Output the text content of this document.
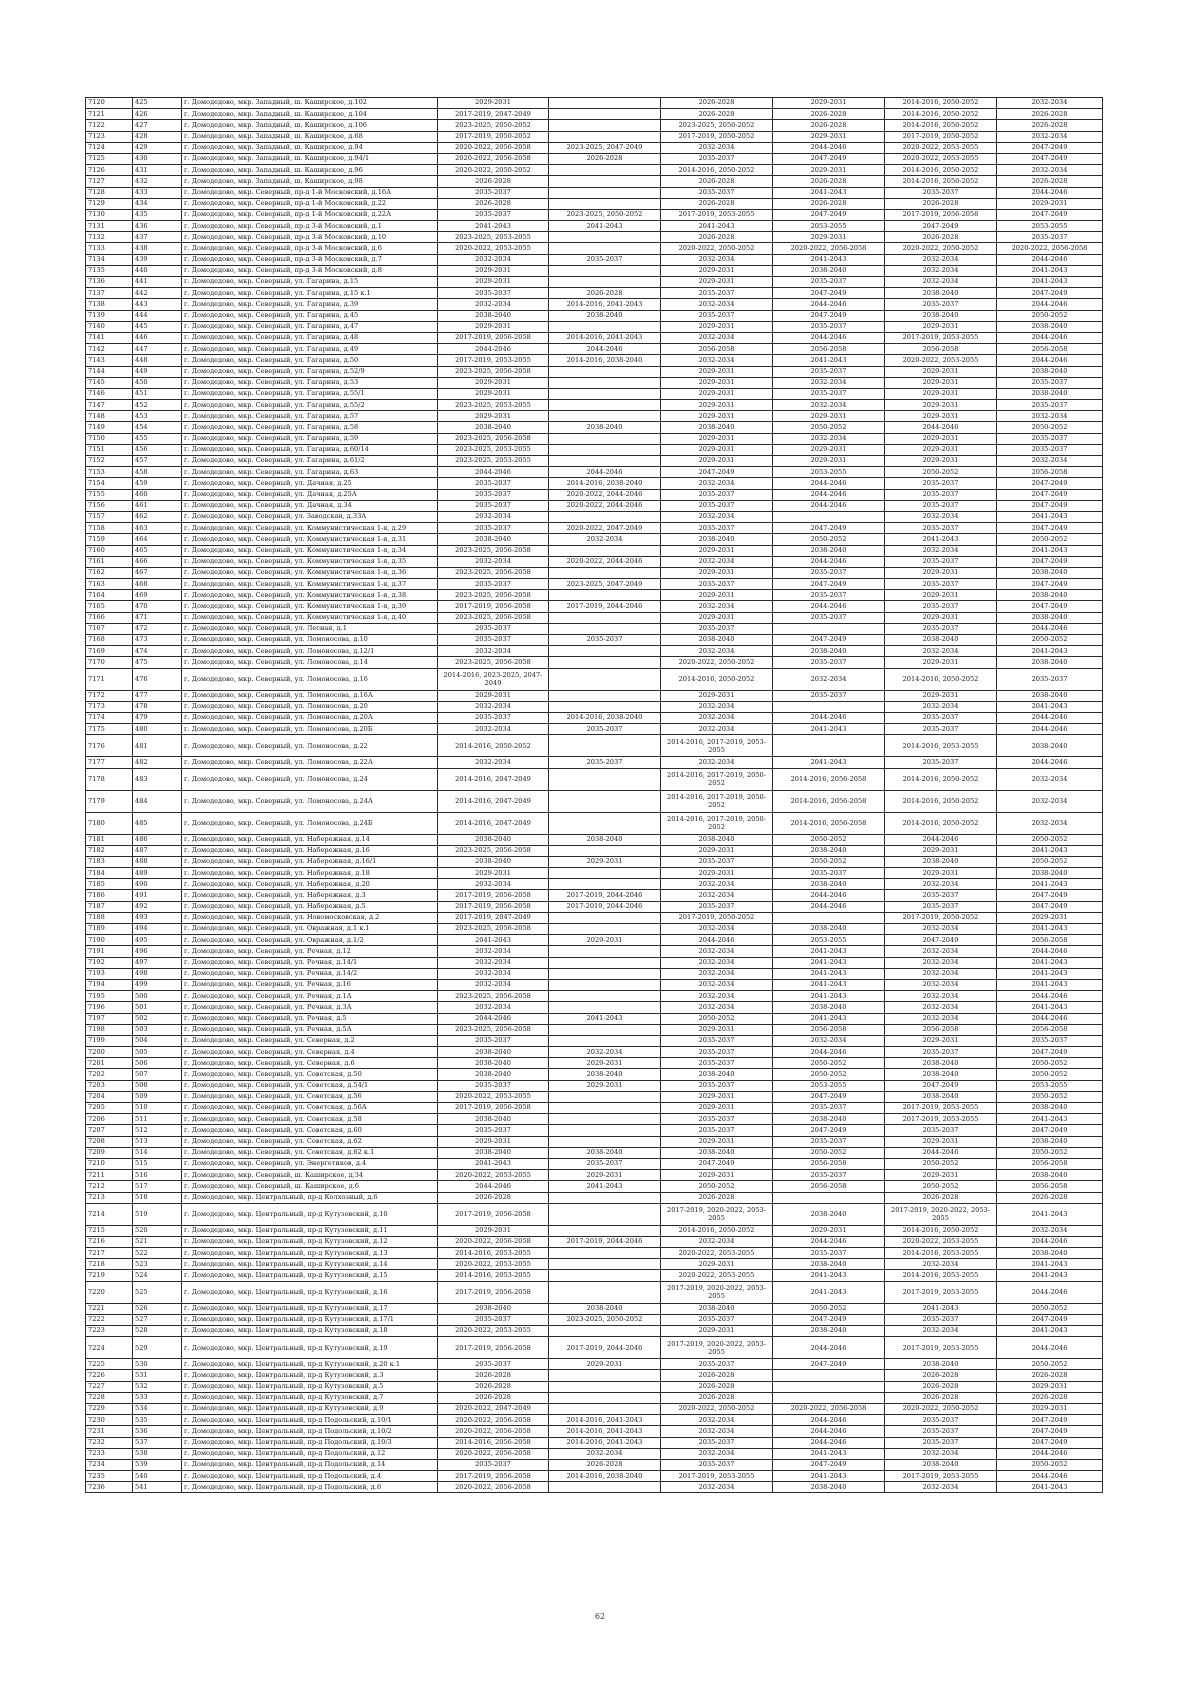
7120	425	г. Домодедово, мкр. Западный, ш. Каширское, д.102	2029-2031		2026-2028	2029-2031	2014-2016, 2050-2052	2032-2034
7121	426	г. Домодедово, мкр. Западный, ш. Каширское, д.104	2017-2019, 2047-2049		2026-2028	2026-2028	2014-2016, 2050-2052	2026-2028
7122	427	г. Домодедово, мкр. Западный, ш. Каширское, д.106	2023-2025, 2050-2052		2023-2025, 2050-2052	2026-2028	2014-2016, 2050-2052	2026-2028
7123	428	г. Домодедово, мкр. Западный, ш. Каширское, д.68	2017-2019, 2050-2052		2017-2019, 2050-2052	2029-2031	2017-2019, 2050-2052	2032-2034
7124	429	г. Домодедово, мкр. Западный, ш. Каширское, д.94	2020-2022, 2056-2058	2023-2025, 2047-2049	2032-2034	2044-2046	2020-2022, 2053-2055	2047-2049
7125	430	г. Домодедово, мкр. Западный, ш. Каширское, д.94/1	2020-2022, 2056-2058	2026-2028	2035-2037	2047-2049	2020-2022, 2053-2055	2047-2049
7126	431	г. Домодедово, мкр. Западный, ш. Каширское, д.96	2020-2022, 2050-2052		2014-2016, 2050-2052	2029-2031	2014-2016, 2050-2052	2032-2034
7127	432	г. Домодедово, мкр. Западный, ш. Каширское, д.98	2026-2028		2026-2028	2026-2028	2014-2016, 2050-2052	2026-2028
7128	433	г. Домодедово, мкр. Северный, пр-д 1-й Московский, д.16А	2035-2037		2035-2037	2041-2043	2035-2037	2044-2046
7129	434	г. Домодедово, мкр. Северный, пр-д 1-й Московский, д.22	2026-2028		2026-2028	2026-2028	2026-2028	2029-2031
7130	435	г. Домодедово, мкр. Северный, пр-д 1-й Московский, д.22А	2035-2037	2023-2025, 2050-2052	2017-2019, 2053-2055	2047-2049	2017-2019, 2056-2058	2047-2049
7131	436	г. Домодедово, мкр. Северный, пр-д 3-й Московский, д.1	2041-2043	2041-2043	2041-2043	2053-2055	2047-2049	2053-2055
7132	437	г. Домодедово, мкр. Северный, пр-д 3-й Московский, д.10	2023-2025, 2053-2055		2026-2028	2029-2031	2026-2028	2035-2037
7133	438	г. Домодедово, мкр. Северный, пр-д 3-й Московский, д.6	2020-2022, 2053-2055		2020-2022, 2050-2052	2020-2022, 2056-2058	2020-2022, 2050-2052	2020-2022, 2056-2058
7134	439	г. Домодедово, мкр. Северный, пр-д 3-й Московский, д.7	2032-2034	2035-2037	2032-2034	2041-2043	2032-2034	2044-2046
7135	440	г. Домодедово, мкр. Северный, пр-д 3-й Московский, д.8	2029-2031		2029-2031	2038-2040	2032-2034	2041-2043
7136	441	г. Домодедово, мкр. Северный, ул. Гагарина, д.15	2029-2031		2029-2031	2035-2037	2032-2034	2041-2043
7137	442	г. Домодедово, мкр. Северный, ул. Гагарина, д.15 к.1	2035-2037	2026-2028	2035-2037	2047-2049	2038-2040	2047-2049
7138	443	г. Домодедово, мкр. Северный, ул. Гагарина, д.39	2032-2034	2014-2016, 2041-2043	2032-2034	2044-2046	2035-2037	2044-2046
7139	444	г. Домодедово, мкр. Северный, ул. Гагарина, д.45	2038-2040	2038-2040	2035-2037	2047-2049	2038-2040	2050-2052
7140	445	г. Домодедово, мкр. Северный, ул. Гагарина, д.47	2029-2031		2029-2031	2035-2037	2029-2031	2038-2040
7141	446	г. Домодедово, мкр. Северный, ул. Гагарина, д.48	2017-2019, 2056-2058	2014-2016, 2041-2043	2032-2034	2044-2046	2017-2019, 2053-2055	2044-2046
7142	447	г. Домодедово, мкр. Северный, ул. Гагарина, д.49	2044-2046	2044-2046	2056-2058	2056-2058	2056-2058	2056-2058
7143	448	г. Домодедово, мкр. Северный, ул. Гагарина, д.50	2017-2019, 2053-2055	2014-2016, 2038-2040	2032-2034	2041-2043	2020-2022, 2053-2055	2044-2046
7144	449	г. Домодедово, мкр. Северный, ул. Гагарина, д.52/9	2023-2025, 2056-2058		2029-2031	2035-2037	2029-2031	2038-2040
7145	450	г. Домодедово, мкр. Северный, ул. Гагарина, д.53	2029-2031		2029-2031	2032-2034	2029-2031	2035-2037
7146	451	г. Домодедово, мкр. Северный, ул. Гагарина, д.55/1	2029-2031		2029-2031	2035-2037	2029-2031	2038-2040
7147	452	г. Домодедово, мкр. Северный, ул. Гагарина, д.55/2	2023-2025, 2053-2055		2029-2031	2032-2034	2029-2031	2035-2037
7148	453	г. Домодедово, мкр. Северный, ул. Гагарина, д.57	2029-2031		2029-2031	2029-2031	2029-2031	2032-2034
7149	454	г. Домодедово, мкр. Северный, ул. Гагарина, д.58	2038-2040	2038-2040	2038-2040	2050-2052	2044-2046	2050-2052
7150	455	г. Домодедово, мкр. Северный, ул. Гагарина, д.59	2023-2025, 2056-2058		2029-2031	2032-2034	2029-2031	2035-2037
7151	456	г. Домодедово, мкр. Северный, ул. Гагарина, д.60/14	2023-2025, 2053-2055		2029-2031	2029-2031	2029-2031	2035-2037
7152	457	г. Домодедово, мкр. Северный, ул. Гагарина, д.61/2	2023-2025, 2053-2055		2029-2031	2029-2031	2029-2031	2032-2034
7153	458	г. Домодедово, мкр. Северный, ул. Гагарина, д.63	2044-2046	2044-2046	2047-2049	2053-2055	2050-2052	2056-2058
7154	459	г. Домодедово, мкр. Северный, ул. Дачная, д.25	2035-2037	2014-2016, 2038-2040	2032-2034	2044-2046	2035-2037	2047-2049
7155	460	г. Домодедово, мкр. Северный, ул. Дачная, д.25А	2035-2037	2020-2022, 2044-2046	2035-2037	2044-2046	2035-2037	2047-2049
7156	461	г. Домодедово, мкр. Северный, ул. Дачная, д.34	2035-2037	2020-2022, 2044-2046	2035-2037	2044-2046	2035-2037	2047-2049
7157	462	г. Домодедово, мкр. Северный, ул. Заводская, д.33А	2032-2034		2032-2034		2032-2034	2041-2043
7158	463	г. Домодедово, мкр. Северный, ул. Коммунистическая 1-я, д.29	2035-2037	2020-2022, 2047-2049	2035-2037	2047-2049	2035-2037	2047-2049
7159	464	г. Домодедово, мкр. Северный, ул. Коммунистическая 1-я, д.31	2038-2040	2032-2034	2038-2040	2050-2052	2041-2043	2050-2052
7160	465	г. Домодедово, мкр. Северный, ул. Коммунистическая 1-я, д.34	2023-2025, 2056-2058		2029-2031	2038-2040	2032-2034	2041-2043
7161	466	г. Домодедово, мкр. Северный, ул. Коммунистическая 1-я, д.35	2032-2034	2020-2022, 2044-2046	2032-2034	2044-2046	2035-2037	2047-2049
7162	467	г. Домодедово, мкр. Северный, ул. Коммунистическая 1-я, д.36	2023-2025, 2056-2058		2029-2031	2035-2037	2029-2031	2038-2040
7163	468	г. Домодедово, мкр. Северный, ул. Коммунистическая 1-я, д.37	2035-2037	2023-2025, 2047-2049	2035-2037	2047-2049	2035-2037	2047-2049
7164	469	г. Домодедово, мкр. Северный, ул. Коммунистическая 1-я, д.38	2023-2025, 2056-2058		2029-2031	2035-2037	2029-2031	2038-2040
7165	470	г. Домодедово, мкр. Северный, ул. Коммунистическая 1-я, д.39	2017-2019, 2056-2058	2017-2019, 2044-2046	2032-2034	2044-2046	2035-2037	2047-2049
7166	471	г. Домодедово, мкр. Северный, ул. Коммунистическая 1-я, д.40	2023-2025, 2056-2058		2029-2031	2035-2037	2029-2031	2038-2040
7167	472	г. Домодедово, мкр. Северный, ул. Лесная, д.1	2035-2037		2035-2037		2035-2037	2044-2046
7168	473	г. Домодедово, мкр. Северный, ул. Ломоносова, д.10	2035-2037	2035-2037	2038-2040	2047-2049	2038-2040	2050-2052
7169	474	г. Домодедово, мкр. Северный, ул. Ломоносова, д.12/1	2032-2034		2032-2034	2038-2040	2032-2034	2041-2043
7170	475	г. Домодедово, мкр. Северный, ул. Ломоносова, д.14	2023-2025, 2056-2058		2020-2022, 2050-2052	2035-2037	2029-2031	2038-2040
7171	476	г. Домодедово, мкр. Северный, ул. Ломоносова, д.16	2014-2016, 2023-2025, 2047-2049		2014-2016, 2050-2052	2032-2034	2014-2016, 2050-2052	2035-2037
7172	477	г. Домодедово, мкр. Северный, ул. Ломоносова, д.16А	2029-2031		2029-2031	2035-2037	2029-2031	2038-2040
7173	478	г. Домодедово, мкр. Северный, ул. Ломоносова, д.20	2032-2034		2032-2034		2032-2034	2041-2043
7174	479	г. Домодедово, мкр. Северный, ул. Ломоносова, д.20А	2035-2037	2014-2016, 2038-2040	2032-2034	2044-2046	2035-2037	2044-2046
7175	480	г. Домодедово, мкр. Северный, ул. Ломоносова, д.20Б	2032-2034	2035-2037	2032-2034	2041-2043	2035-2037	2044-2046
7176	481	г. Домодедово, мкр. Северный, ул. Ломоносова, д.22	2014-2016, 2050-2052		2014-2016, 2017-2019, 2053-2055		2014-2016, 2053-2055	2038-2040
7177	482	г. Домодедово, мкр. Северный, ул. Ломоносова, д.22А	2032-2034	2035-2037	2032-2034	2041-2043	2035-2037	2044-2046
7178	483	г. Домодедово, мкр. Северный, ул. Ломоносова, д.24	2014-2016, 2047-2049		2014-2016, 2017-2019, 2050-2052	2014-2016, 2056-2058	2014-2016, 2050-2052	2032-2034
7179	484	г. Домодедово, мкр. Северный, ул. Ломоносова, д.24А	2014-2016, 2047-2049		2014-2016, 2017-2019, 2050-2052	2014-2016, 2056-2058	2014-2016, 2050-2052	2032-2034
7180	485	г. Домодедово, мкр. Северный, ул. Ломоносова, д.24Б	2014-2016, 2047-2049		2014-2016, 2017-2019, 2050-2052	2014-2016, 2056-2058	2014-2016, 2050-2052	2032-2034
7181	486	г. Домодедово, мкр. Северный, ул. Набережная, д.14	2038-2040	2038-2040	2038-2040	2050-2052	2044-2046	2050-2052
7182	487	г. Домодедово, мкр. Северный, ул. Набережная, д.16	2023-2025, 2056-2058		2029-2031	2038-2040	2029-2031	2041-2043
7183	488	г. Домодедово, мкр. Северный, ул. Набережная, д.16/1	2038-2040	2029-2031	2035-2037	2050-2052	2038-2040	2050-2052
7184	489	г. Домодедово, мкр. Северный, ул. Набережная, д.18	2029-2031		2029-2031	2035-2037	2029-2031	2038-2040
7185	490	г. Домодедово, мкр. Северный, ул. Набережная, д.20	2032-2034		2032-2034	2038-2040	2032-2034	2041-2043
7186	491	г. Домодедово, мкр. Северный, ул. Набережная, д.3	2017-2019, 2056-2058	2017-2019, 2044-2046	2032-2034	2044-2046	2035-2037	2047-2049
7187	492	г. Домодедово, мкр. Северный, ул. Набережная, д.5	2017-2019, 2056-2058	2017-2019, 2044-2046	2035-2037	2044-2046	2035-2037	2047-2049
7188	493	г. Домодедово, мкр. Северный, ул. Новомосковская, д.2	2017-2019, 2047-2049		2017-2019, 2050-2052		2017-2019, 2050-2052	2029-2031
7189	494	г. Домодедово, мкр. Северный, ул. Овражная, д.1 к.1	2023-2025, 2056-2058		2032-2034	2038-2040	2032-2034	2041-2043
7190	495	г. Домодедово, мкр. Северный, ул. Овражная, д.1/2	2041-2043	2029-2031	2044-2046	2053-2055	2047-2049	2056-2058
7191	496	г. Домодедово, мкр. Северный, ул. Речная, д.12	2032-2034		2032-2034	2041-2043	2032-2034	2044-2046
7192	497	г. Домодедово, мкр. Северный, ул. Речная, д.14/1	2032-2034		2032-2034	2041-2043	2032-2034	2041-2043
7193	498	г. Домодедово, мкр. Северный, ул. Речная, д.14/2	2032-2034		2032-2034	2041-2043	2032-2034	2041-2043
7194	499	г. Домодедово, мкр. Северный, ул. Речная, д.16	2032-2034		2032-2034	2041-2043	2032-2034	2041-2043
7195	500	г. Домодедово, мкр. Северный, ул. Речная, д.1А	2023-2025, 2056-2058		2032-2034	2041-2043	2032-2034	2044-2046
7196	501	г. Домодедово, мкр. Северный, ул. Речная, д.3А	2032-2034		2032-2034	2038-2040	2032-2034	2041-2043
7197	502	г. Домодедово, мкр. Северный, ул. Речная, д.5	2044-2046	2041-2043	2050-2052	2041-2043	2032-2034	2044-2046
7198	503	г. Домодедово, мкр. Северный, ул. Речная, д.5А	2023-2025, 2056-2058		2029-2031	2056-2058	2056-2058	2056-2058
7199	504	г. Домодедово, мкр. Северный, ул. Северная, д.2	2035-2037		2035-2037	2032-2034	2029-2031	2035-2037
7200	505	г. Домодедово, мкр. Северный, ул. Северная, д.4	2038-2040	2032-2034	2035-2037	2044-2046	2035-2037	2047-2049
7201	506	г. Домодедово, мкр. Северный, ул. Северная, д.6	2038-2040	2029-2031	2035-2037	2050-2052	2038-2040	2050-2052
7202	507	г. Домодедово, мкр. Северный, ул. Советская, д.50	2038-2040	2038-2040	2038-2040	2050-2052	2038-2040	2050-2052
7203	508	г. Домодедово, мкр. Северный, ул. Советская, д.54/1	2035-2037	2029-2031	2035-2037	2053-2055	2047-2049	2053-2055
7204	509	г. Домодедово, мкр. Северный, ул. Советская, д.56	2020-2022, 2053-2055		2029-2031	2047-2049	2038-2040	2050-2052
7205	510	г. Домодедово, мкр. Северный, ул. Советская, д.56А	2017-2019, 2056-2058		2029-2031	2035-2037	2017-2019, 2053-2055	2038-2040
7206	511	г. Домодедово, мкр. Северный, ул. Советская, д.58	2038-2040		2035-2037	2038-2040	2017-2019, 2053-2055	2041-2043
7207	512	г. Домодедово, мкр. Северный, ул. Советская, д.60	2035-2037		2035-2037	2047-2049	2035-2037	2047-2049
7208	513	г. Домодедово, мкр. Северный, ул. Советская, д.62	2029-2031		2029-2031	2035-2037	2029-2031	2038-2040
7209	514	г. Домодедово, мкр. Северный, ул. Советская, д.62 к.1	2038-2040	2038-2040	2038-2040	2050-2052	2044-2046	2050-2052
7210	515	г. Домодедово, мкр. Северный, ул. Энергетиков, д.4	2041-2043	2035-2037	2047-2049	2056-2058	2050-2052	2056-2058
7211	516	г. Домодедово, мкр. Северный, ш. Каширское, д.34	2020-2022, 2053-2055	2029-2031	2029-2031	2035-2037	2029-2031	2038-2040
7212	517	г. Домодедово, мкр. Северный, ш. Каширское, д.6	2044-2046	2041-2043	2050-2052	2056-2058	2050-2052	2056-2058
7213	518	г. Домодедово, мкр. Центральный, пр-д Колхозный, д.6	2026-2028		2026-2028		2026-2028	2026-2028
7214	519	г. Домодедово, мкр. Центральный, пр-д Кутузовский, д.10	2017-2019, 2056-2058		2017-2019, 2020-2022, 2053-2055	2038-2040	2017-2019, 2020-2022, 2053-2055	2041-2043
7215	520	г. Домодедово, мкр. Центральный, пр-д Кутузовский, д.11	2029-2031		2014-2016, 2050-2052	2029-2031	2014-2016, 2050-2052	2032-2034
7216	521	г. Домодедово, мкр. Центральный, пр-д Кутузовский, д.12	2020-2022, 2056-2058	2017-2019, 2044-2046	2032-2034	2044-2046	2020-2022, 2053-2055	2044-2046
7217	522	г. Домодедово, мкр. Центральный, пр-д Кутузовский, д.13	2014-2016, 2053-2055		2020-2022, 2053-2055	2035-2037	2014-2016, 2053-2055	2038-2040
7218	523	г. Домодедово, мкр. Центральный, пр-д Кутузовский, д.14	2020-2022, 2053-2055		2029-2031	2038-2040	2032-2034	2041-2043
7219	524	г. Домодедово, мкр. Центральный, пр-д Кутузовский, д.15	2014-2016, 2053-2055		2020-2022, 2053-2055	2041-2043	2014-2016, 2053-2055	2041-2043
7220	525	г. Домодедово, мкр. Центральный, пр-д Кутузовский, д.16	2017-2019, 2056-2058		2017-2019, 2020-2022, 2053-2055	2041-2043	2017-2019, 2053-2055	2044-2046
7221	526	г. Домодедово, мкр. Центральный, пр-д Кутузовский, д.17	2038-2040	2038-2040	2038-2040	2050-2052	2041-2043	2050-2052
7222	527	г. Домодедово, мкр. Центральный, пр-д Кутузовский, д.17/1	2035-2037	2023-2025, 2050-2052	2035-2037	2047-2049	2035-2037	2047-2049
7223	528	г. Домодедово, мкр. Центральный, пр-д Кутузовский, д.18	2020-2022, 2053-2055		2029-2031	2038-2040	2032-2034	2041-2043
7224	529	г. Домодедово, мкр. Центральный, пр-д Кутузовский, д.19	2017-2019, 2056-2058	2017-2019, 2044-2046	2017-2019, 2020-2022, 2053-2055	2044-2046	2017-2019, 2053-2055	2044-2046
7225	530	г. Домодедово, мкр. Центральный, пр-д Кутузовский, д.20 к.1	2035-2037	2029-2031	2035-2037	2047-2049	2038-2040	2050-2052
7226	531	г. Домодедово, мкр. Центральный, пр-д Кутузовский, д.3	2026-2028		2026-2028		2026-2028	2026-2028
7227	532	г. Домодедово, мкр. Центральный, пр-д Кутузовский, д.5	2026-2028		2026-2028		2026-2028	2029-2031
7228	533	г. Домодедово, мкр. Центральный, пр-д Кутузовский, д.7	2026-2028		2026-2028		2026-2028	2026-2028
7229	534	г. Домодедово, мкр. Центральный, пр-д Кутузовский, д.9	2020-2022, 2047-2049		2020-2022, 2050-2052	2020-2022, 2056-2058	2020-2022, 2050-2052	2029-2031
7230	535	г. Домодедово, мкр. Центральный, пр-д Подольский, д.10/1	2020-2022, 2056-2058	2014-2016, 2041-2043	2032-2034	2044-2046	2035-2037	2047-2049
7231	536	г. Домодедово, мкр. Центральный, пр-д Подольский, д.10/2	2020-2022, 2056-2058	2014-2016, 2041-2043	2032-2034	2044-2046	2035-2037	2047-2049
7232	537	г. Домодедово, мкр. Центральный, пр-д Подольский, д.10/3	2014-2016, 2056-2058	2014-2016, 2041-2043	2035-2037	2044-2046	2035-2037	2047-2049
7233	538	г. Домодедово, мкр. Центральный, пр-д Подольский, д.12	2020-2022, 2056-2058	2032-2034	2032-2034	2041-2043	2032-2034	2044-2046
7234	539	г. Домодедово, мкр. Центральный, пр-д Подольский, д.14	2035-2037	2026-2028	2035-2037	2047-2049	2038-2040	2050-2052
7235	540	г. Домодедово, мкр. Центральный, пр-д Подольский, д.4	2017-2019, 2056-2058	2014-2016, 2038-2040	2017-2019, 2053-2055	2041-2043	2017-2019, 2053-2055	2044-2046
7236	541	г. Домодедово, мкр. Центральный, пр-д Подольский, д.6	2020-2022, 2056-2058		2032-2034	2038-2040	2032-2034	2041-2043
62
